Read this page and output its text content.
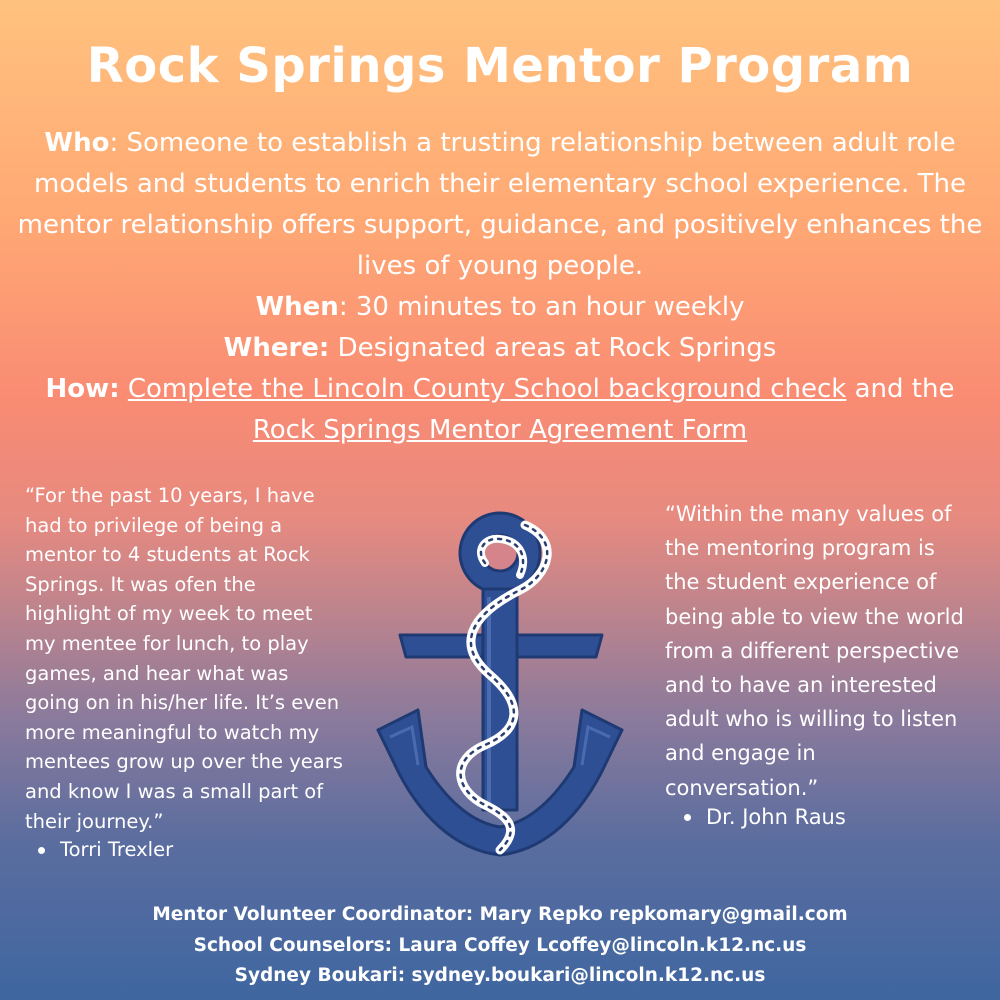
Rock Springs Mentor Program

Who: Someone to establish a trusting relationship between adult role models and students to enrich their elementary school experience. The mentor relationship offers support, guidance, and positively enhances the lives of young people.

When: 30 minutes to an hour weekly

Where: Designated areas at Rock Springs

How: Complete the Lincoln County School background check and the
Rock Springs Mentor Agreement Form

“For the past 10 years, I have had to privilege of being a mentor to 4 students at Rock Springs. It was ofen the highlight of my week to meet my mentee for lunch, to play games, and hear what was going on in his/her life. It’s even more meaningful to watch my mentees grow up over the years and know I was a small part of their journey.”

Torri Trexler

“Within the many values of the mentoring program is the student experience of being able to view the world from a different perspective and to have an interested adult who is willing to listen and engage in conversation.”

Dr. John Raus

Mentor Volunteer Coordinator: Mary Repko repkomary@gmail.com

School Counselors: Laura Coffey Lcoffey@lincoln.k12.nc.us

Sydney Boukari: sydney.boukari@lincoln.k12.nc.us
